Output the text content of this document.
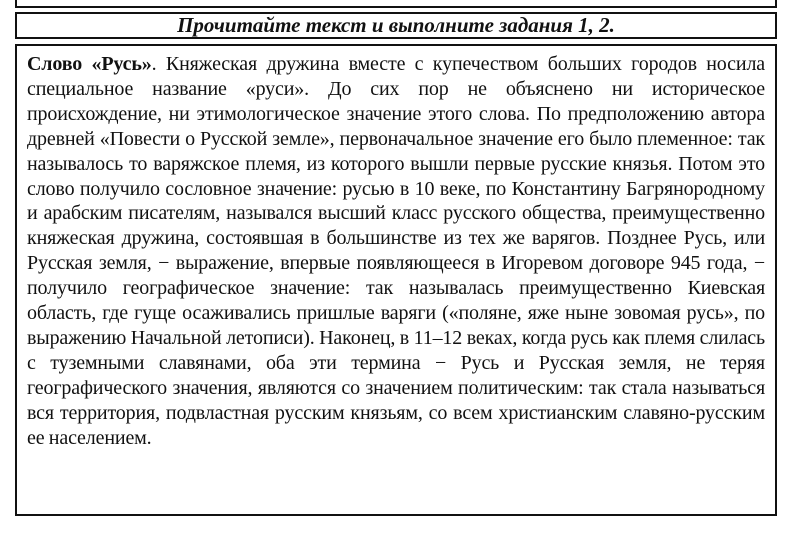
Прочитайте текст и выполните задания 1, 2.

Слово «Русь». Княжеская дружина вместе с купечеством больших городов носила специальное название «руси». До сих пор не объяснено ни историческое происхождение, ни этимологическое значение этого слова. По предположению автора древней «Повести о Русской земле», первоначальное значение его было племенное: так называлось то варяжское племя, из которого вышли первые русские князья. Потом это слово получило сословное значение: русью в 10 веке, по Константину Багрянородному и арабским писателям, назывался высший класс русского общества, преимущественно княжеская дружина, состоявшая в большинстве из тех же варягов. Позднее Русь, или Русская земля, − выражение, впервые появляющееся в Игоревом договоре 945 года, − получило географическое значение: так называлась преимущественно Киевская область, где гуще осаживались пришлые варяги («поляне, яже ныне зовомая русь», по выражению Начальной летописи). Наконец, в 11–12 веках, когда русь как племя слилась с туземными славянами, оба эти термина − Русь и Русская земля, не теряя географического значения, являются со значением политическим: так стала называться вся территория, подвластная русским князьям, со всем христианским славяно-русским ее населением.
